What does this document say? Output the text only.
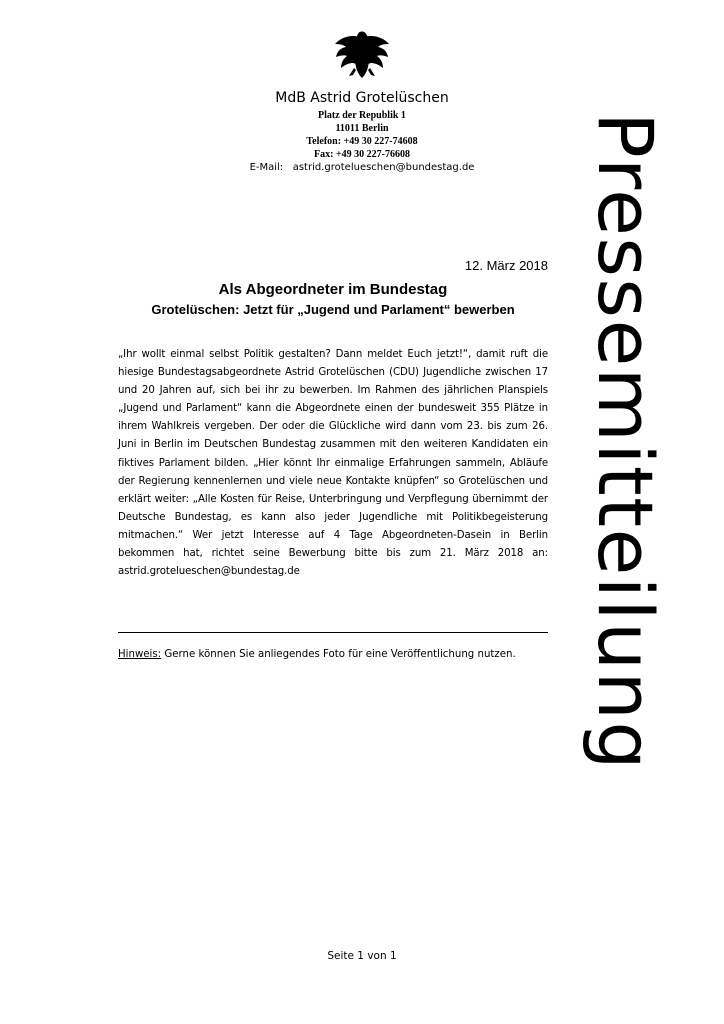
MdB Astrid Grotelüschen
Platz der Republik 1
11011 Berlin
Telefon: +49 30 227-74608
Fax: +49 30 227-76608
E-Mail: astrid.grotelueschen@bundestag.de	Pressemitteilung
12. März 2018
Als Abgeordneter im Bundestag
Grotelüschen: Jetzt für „Jugend und Parlament“ bewerben
„Ihr wollt einmal selbst Politik gestalten? Dann meldet Euch jetzt!“, damit ruft die hiesige Bundestagsabgeordnete Astrid Grotelüschen (CDU) Jugendliche zwischen 17 und 20 Jahren auf, sich bei ihr zu bewerben. Im Rahmen des jährlichen Planspiels „Jugend und Parlament“ kann die Abgeordnete einen der bundesweit 355 Plätze in ihrem Wahlkreis vergeben. Der oder die Glückliche wird dann vom 23. bis zum 26. Juni in Berlin im Deutschen Bundestag zusammen mit den weiteren Kandidaten ein fiktives Parlament bilden. „Hier könnt Ihr einmalige Erfahrungen sammeln, Abläufe der Regierung kennenlernen und viele neue Kontakte knüpfen“ so Grotelüschen und erklärt weiter: „Alle Kosten für Reise, Unterbringung und Verpflegung übernimmt der Deutsche Bundestag, es kann also jeder Jugendliche mit Politikbegeisterung mitmachen.“ Wer jetzt Interesse auf 4 Tage Abgeordneten-Dasein in Berlin bekommen hat, richtet seine Bewerbung bitte bis zum 21. März 2018 an: astrid.grotelueschen@bundestag.de
Hinweis: Gerne können Sie anliegendes Foto für eine Veröffentlichung nutzen.
Seite 1 von 1
